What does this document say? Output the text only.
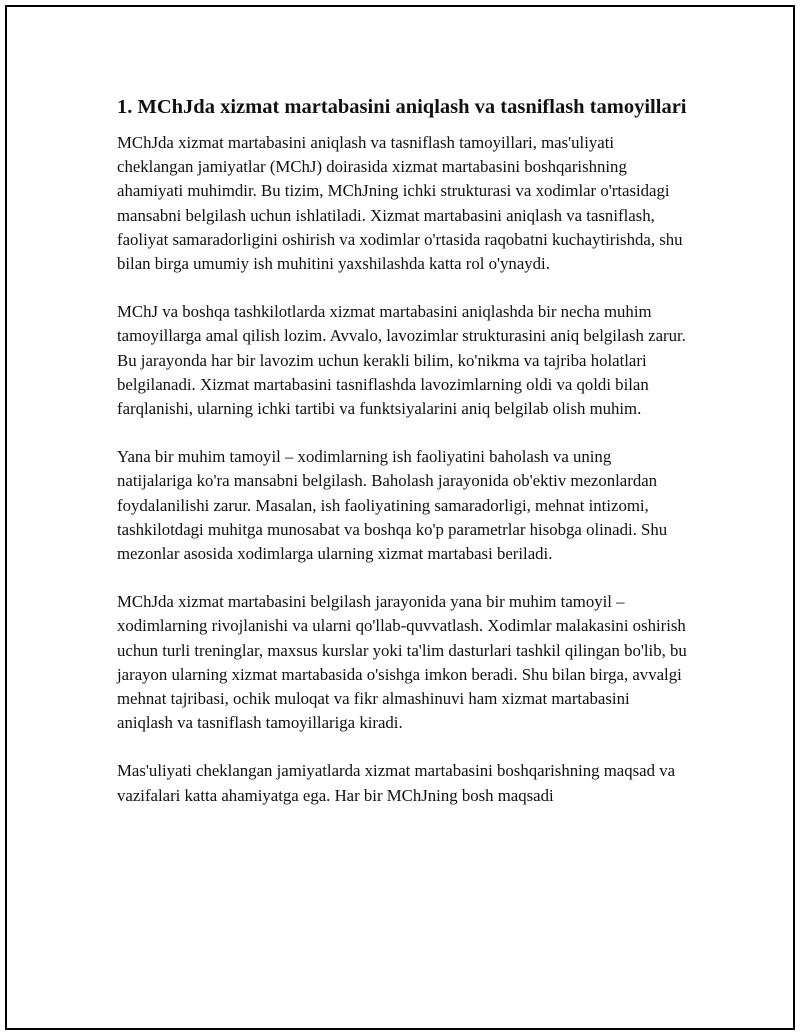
1. MChJda xizmat martabasini aniqlash va tasniflash tamoyillari

MChJda xizmat martabasini aniqlash va tasniflash tamoyillari, mas'uliyati cheklangan jamiyatlar (MChJ) doirasida xizmat martabasini boshqarishning ahamiyati muhimdir. Bu tizim, MChJning ichki strukturasi va xodimlar o'rtasidagi mansabni belgilash uchun ishlatiladi. Xizmat martabasini aniqlash va tasniflash, faoliyat samaradorligini oshirish va xodimlar o'rtasida raqobatni kuchaytirishda, shu bilan birga umumiy ish muhitini yaxshilashda katta rol o'ynaydi.

MChJ va boshqa tashkilotlarda xizmat martabasini aniqlashda bir necha muhim tamoyillarga amal qilish lozim. Avvalo, lavozimlar strukturasini aniq belgilash zarur. Bu jarayonda har bir lavozim uchun kerakli bilim, ko'nikma va tajriba holatlari belgilanadi. Xizmat martabasini tasniflashda lavozimlarning oldi va qoldi bilan farqlanishi, ularning ichki tartibi va funktsiyalarini aniq belgilab olish muhim.

Yana bir muhim tamoyil – xodimlarning ish faoliyatini baholash va uning natijalariga ko'ra mansabni belgilash. Baholash jarayonida ob'ektiv mezonlardan foydalanilishi zarur. Masalan, ish faoliyatining samaradorligi, mehnat intizomi, tashkilotdagi muhitga munosabat va boshqa ko'p parametrlar hisobga olinadi. Shu mezonlar asosida xodimlarga ularning xizmat martabasi beriladi.

MChJda xizmat martabasini belgilash jarayonida yana bir muhim tamoyil – xodimlarning rivojlanishi va ularni qo'llab-quvvatlash. Xodimlar malakasini oshirish uchun turli treninglar, maxsus kurslar yoki ta'lim dasturlari tashkil qilingan bo'lib, bu jarayon ularning xizmat martabasida o'sishga imkon beradi. Shu bilan birga, avvalgi mehnat tajribasi, ochik muloqat va fikr almashinuvi ham xizmat martabasini aniqlash va tasniflash tamoyillariga kiradi.

Mas'uliyati cheklangan jamiyatlarda xizmat martabasini boshqarishning maqsad va vazifalari katta ahamiyatga ega. Har bir MChJning bosh maqsadi
